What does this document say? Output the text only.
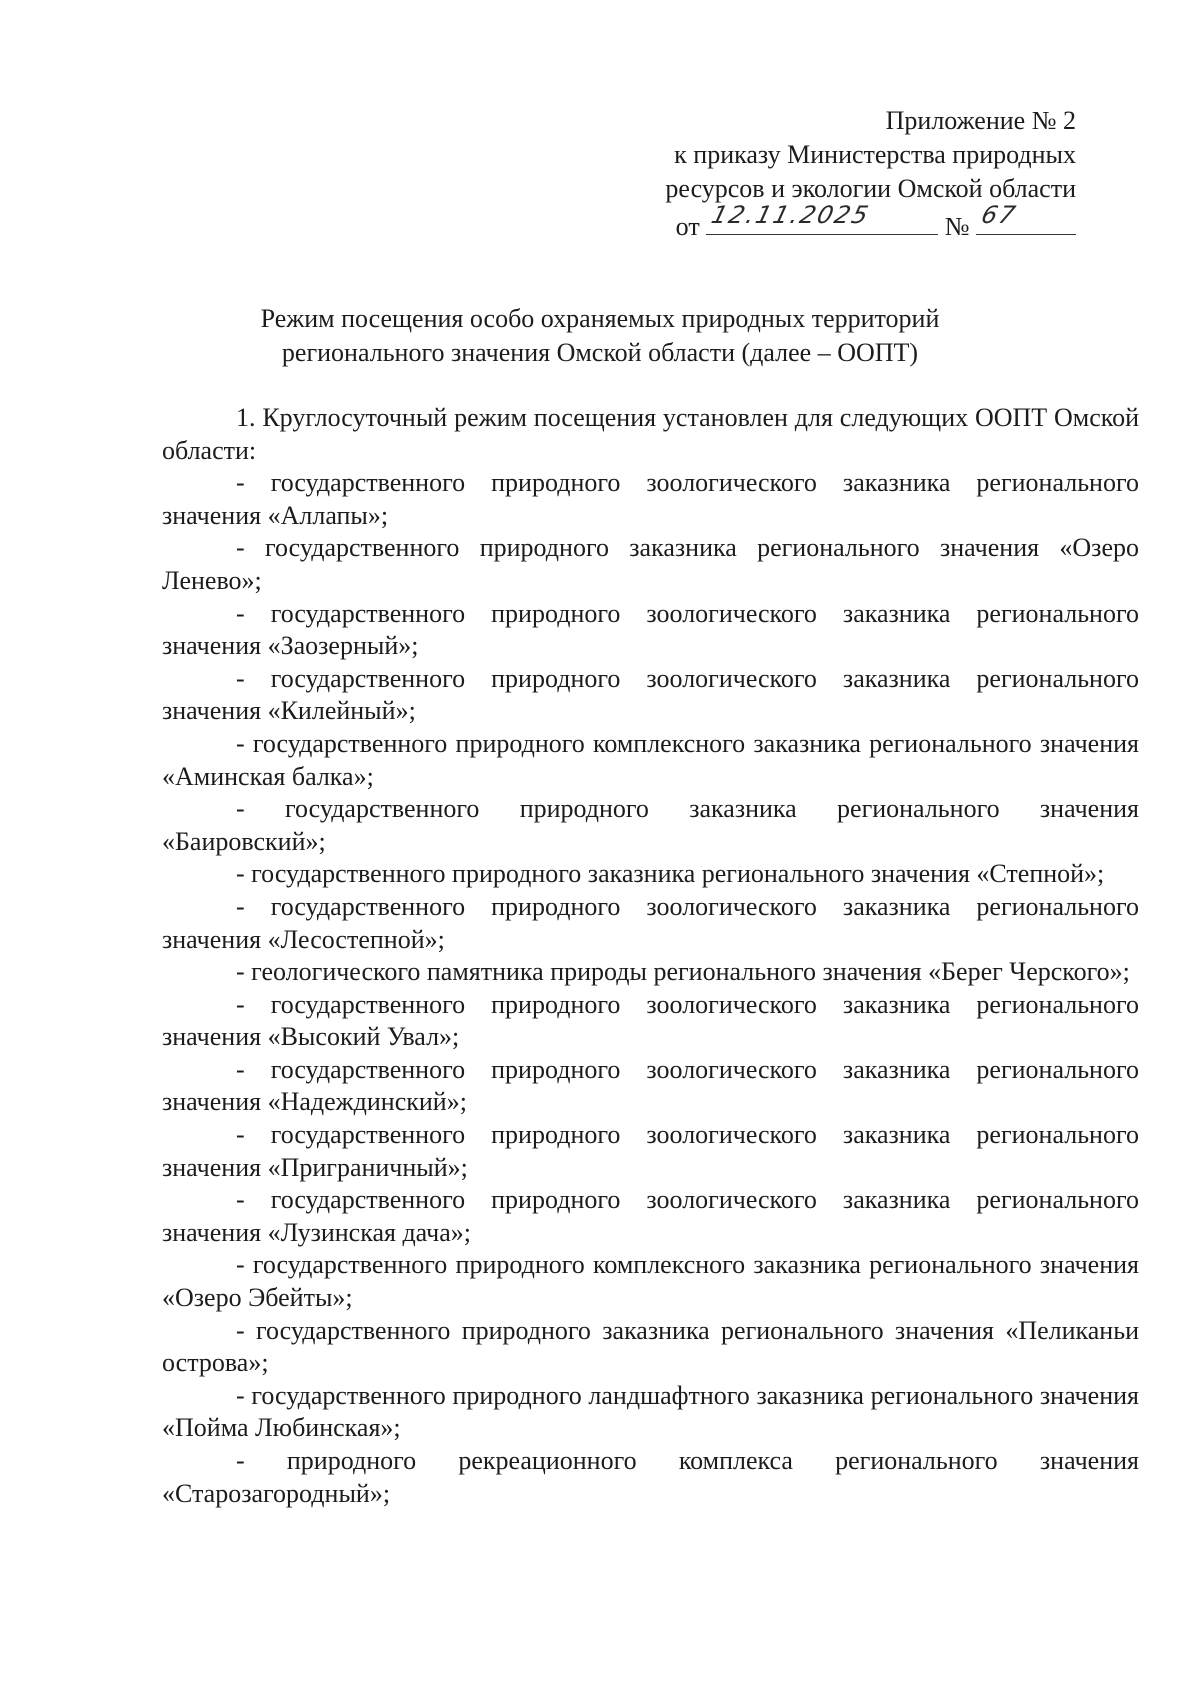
Приложение № 2
к приказу Министерства природных
ресурсов и экологии Омской области
от 12.11.2025	№ 67
Режим посещения особо охраняемых природных территорий
регионального значения Омской области (далее – ООПТ)

1. Круглосуточный режим посещения установлен для следующих ООПТ Омской области:

- государственного природного зоологического заказника регионального значения «Аллапы»;

- государственного природного заказника регионального значения «Озеро Ленево»;

- государственного природного зоологического заказника регионального значения «Заозерный»;

- государственного природного зоологического заказника регионального значения «Килейный»;

- государственного природного комплексного заказника регионального значения «Аминская балка»;

- государственного природного заказника регионального значения «Баировский»;

- государственного природного заказника регионального значения «Степной»;

- государственного природного зоологического заказника регионального значения «Лесостепной»;

- геологического памятника природы регионального значения «Берег Черского»;

- государственного природного зоологического заказника регионального значения «Высокий Увал»;

- государственного природного зоологического заказника регионального значения «Надеждинский»;

- государственного природного зоологического заказника регионального значения «Приграничный»;

- государственного природного зоологического заказника регионального значения «Лузинская дача»;

- государственного природного комплексного заказника регионального значения «Озеро Эбейты»;

- государственного природного заказника регионального значения «Пеликаньи острова»;

- государственного природного ландшафтного заказника регионального значения «Пойма Любинская»;

- природного рекреационного комплекса регионального значения «Старозагородный»;
